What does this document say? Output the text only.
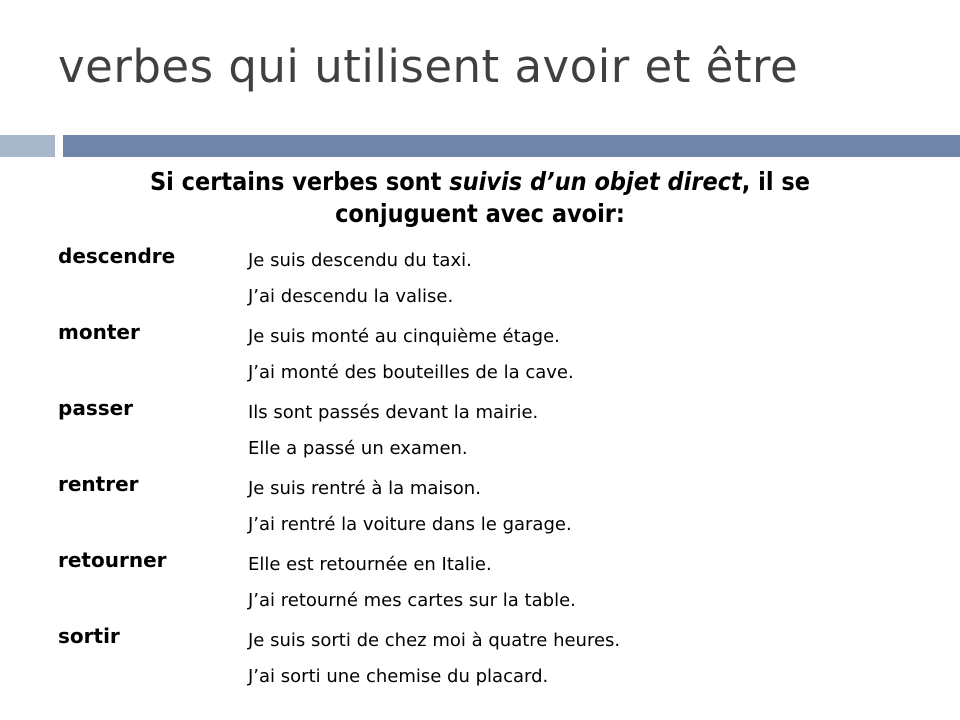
verbes qui utilisent avoir et être
Si certains verbes sont suivis d’un objet direct, il se conjuguent avec avoir:
descendre	Je suis descendu du taxi.
J’ai descendu la valise.
monter	Je suis monté au cinquième étage.
J’ai monté des bouteilles de la cave.
passer	Ils sont passés devant la mairie.
Elle a passé un examen.
rentrer	Je suis rentré à la maison.
J’ai rentré la voiture dans le garage.
retourner	Elle est retournée en Italie.
J’ai retourné mes cartes sur la table.
sortir	Je suis sorti de chez moi à quatre heures.
J’ai sorti une chemise du placard.
